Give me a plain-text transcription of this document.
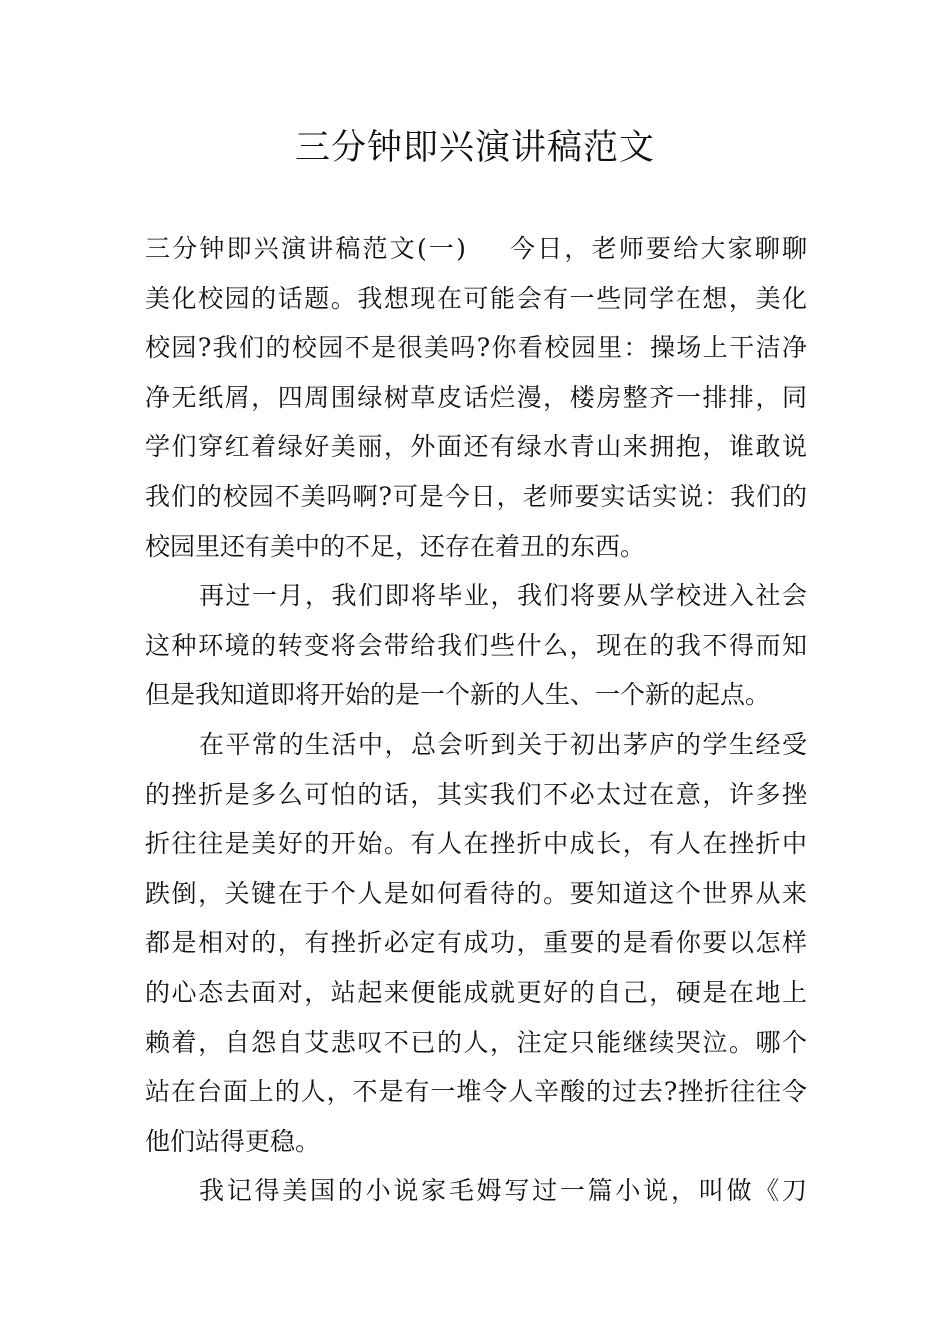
三分钟即兴演讲稿范文
三分钟即兴演讲稿范文(一) 今日，老师要给大家聊聊
美化校园的话题。我想现在可能会有一些同学在想，美化
校园?我们的校园不是很美吗?你看校园里：操场上干洁净
净无纸屑，四周围绿树草皮话烂漫，楼房整齐一排排，同
学们穿红着绿好美丽，外面还有绿水青山来拥抱，谁敢说
我们的校园不美吗啊?可是今日，老师要实话实说：我们的
校园里还有美中的不足，还存在着丑的东西。
再过一月，我们即将毕业，我们将要从学校进入社会
这种环境的转变将会带给我们些什么，现在的我不得而知
但是我知道即将开始的是一个新的人生、一个新的起点。
在平常的生活中，总会听到关于初出茅庐的学生经受
的挫折是多么可怕的话，其实我们不必太过在意，许多挫
折往往是美好的开始。有人在挫折中成长，有人在挫折中
跌倒，关键在于个人是如何看待的。要知道这个世界从来
都是相对的，有挫折必定有成功，重要的是看你要以怎样
的心态去面对，站起来便能成就更好的自己，硬是在地上
赖着，自怨自艾悲叹不已的人，注定只能继续哭泣。哪个
站在台面上的人，不是有一堆令人辛酸的过去?挫折往往令
他们站得更稳。
我记得美国的小说家毛姆写过一篇小说，叫做《刀
